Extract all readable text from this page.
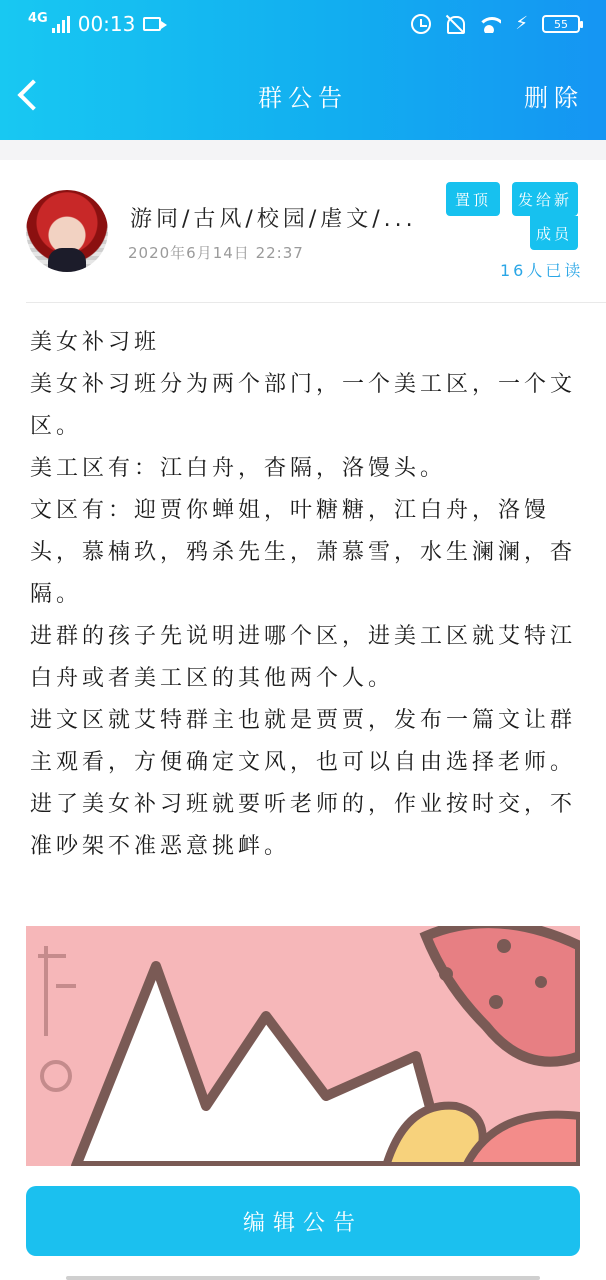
4G 00:13	⚡ 55
群公告	删除
游同/古风/校园/虐文/...
2020年6月14日 22:37
置顶	发给新
成员
16人已读

美女补习班

美女补习班分为两个部门，一个美工区，一个文区。

美工区有：江白舟，杳隔，洛馒头。

文区有：迎贾你蝉姐，叶糖糖，江白舟，洛馒头，慕楠玖，鸦杀先生，萧慕雪，水生澜澜，杳隔。

进群的孩子先说明进哪个区，进美工区就艾特江白舟或者美工区的其他两个人。

进文区就艾特群主也就是贾贾，发布一篇文让群主观看，方便确定文风，也可以自由选择老师。

进了美女补习班就要听老师的，作业按时交，不准吵架不准恶意挑衅。

编辑公告
